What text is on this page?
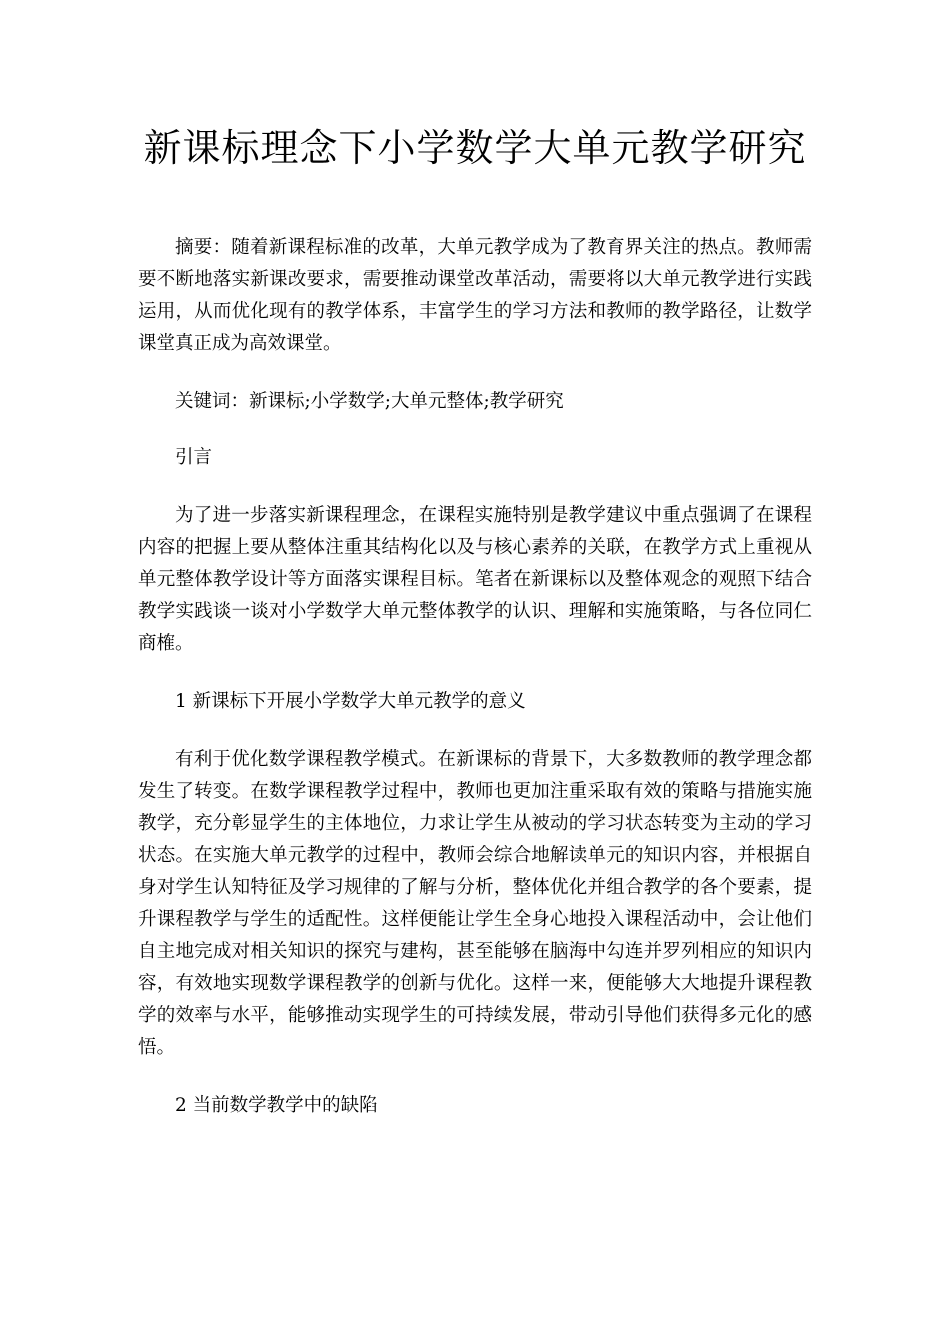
新课标理念下小学数学大单元教学研究

摘要：随着新课程标准的改革，大单元教学成为了教育界关注的热点。教师需要不断地落实新课改要求，需要推动课堂改革活动，需要将以大单元教学进行实践运用，从而优化现有的教学体系，丰富学生的学习方法和教师的教学路径，让数学课堂真正成为高效课堂。

关键词：新课标;小学数学;大单元整体;教学研究

引言

为了进一步落实新课程理念，在课程实施特别是教学建议中重点强调了在课程内容的把握上要从整体注重其结构化以及与核心素养的关联，在教学方式上重视从单元整体教学设计等方面落实课程目标。笔者在新课标以及整体观念的观照下结合教学实践谈一谈对小学数学大单元整体教学的认识、理解和实施策略，与各位同仁商榷。

1 新课标下开展小学数学大单元教学的意义

有利于优化数学课程教学模式。在新课标的背景下，大多数教师的教学理念都发生了转变。在数学课程教学过程中，教师也更加注重采取有效的策略与措施实施教学，充分彰显学生的主体地位，力求让学生从被动的学习状态转变为主动的学习状态。在实施大单元教学的过程中，教师会综合地解读单元的知识内容，并根据自身对学生认知特征及学习规律的了解与分析，整体优化并组合教学的各个要素，提升课程教学与学生的适配性。这样便能让学生全身心地投入课程活动中，会让他们自主地完成对相关知识的探究与建构，甚至能够在脑海中勾连并罗列相应的知识内容，有效地实现数学课程教学的创新与优化。这样一来，便能够大大地提升课程教学的效率与水平，能够推动实现学生的可持续发展，带动引导他们获得多元化的感悟。

2 当前数学教学中的缺陷
